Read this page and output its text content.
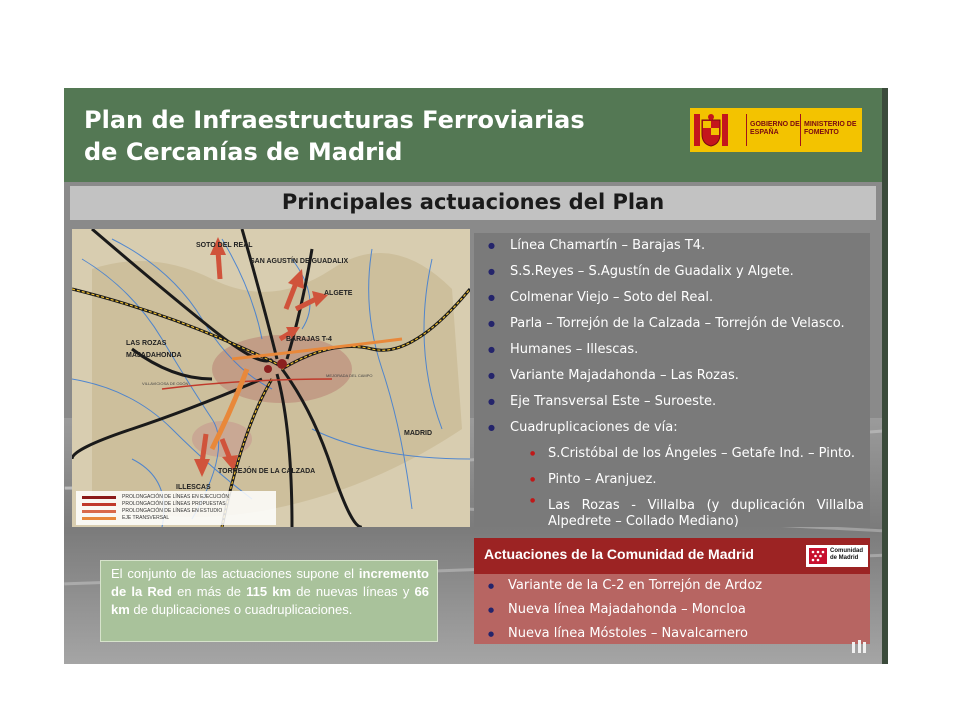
Plan de Infraestructuras Ferroviarias
de Cercanías de Madrid
GOBIERNO DE ESPAÑA
MINISTERIO DE FOMENTO
Principales actuaciones del Plan
SOTO DEL REAL
SAN AGUSTÍN DE GUADALIX
ALGETE
BARAJAS T-4
LAS ROZAS
MAJADAHONDA
MADRID
ILLESCAS
TORREJÓN DE LA CALZADA
VILLAVICIOSA DE ODÓN
MEJORADA DEL CAMPO
PROLONGACIÓN DE LÍNEAS EN EJECUCIÓN
PROLONGACIÓN DE LÍNEAS PROPUESTAS
PROLONGACIÓN DE LÍNEAS EN ESTUDIO
EJE TRANSVERSAL
● Línea Chamartín – Barajas T4.
● S.S.Reyes – S.Agustín de Guadalix y Algete.
● Colmenar Viejo – Soto del Real.
● Parla – Torrejón de la Calzada – Torrejón de Velasco.
● Humanes – Illescas.
● Variante Majadahonda – Las Rozas.
● Eje Transversal Este – Suroeste.
● Cuadruplicaciones de vía:
● S.Cristóbal de los Ángeles – Getafe Ind. – Pinto.
● Pinto – Aranjuez.
● Las Rozas - Villalba (y duplicación Villalba Alpedrete – Collado Mediano)

El conjunto de las actuaciones supone el incremento de la Red en más de 115 km de nuevas líneas y 66 km de duplicaciones o cuadruplicaciones.

Actuaciones de la Comunidad de Madrid	Comunidad de Madrid
● Variante de la C-2 en Torrejón de Ardoz
● Nueva línea Majadahonda – Moncloa
● Nueva línea Móstoles – Navalcarnero
